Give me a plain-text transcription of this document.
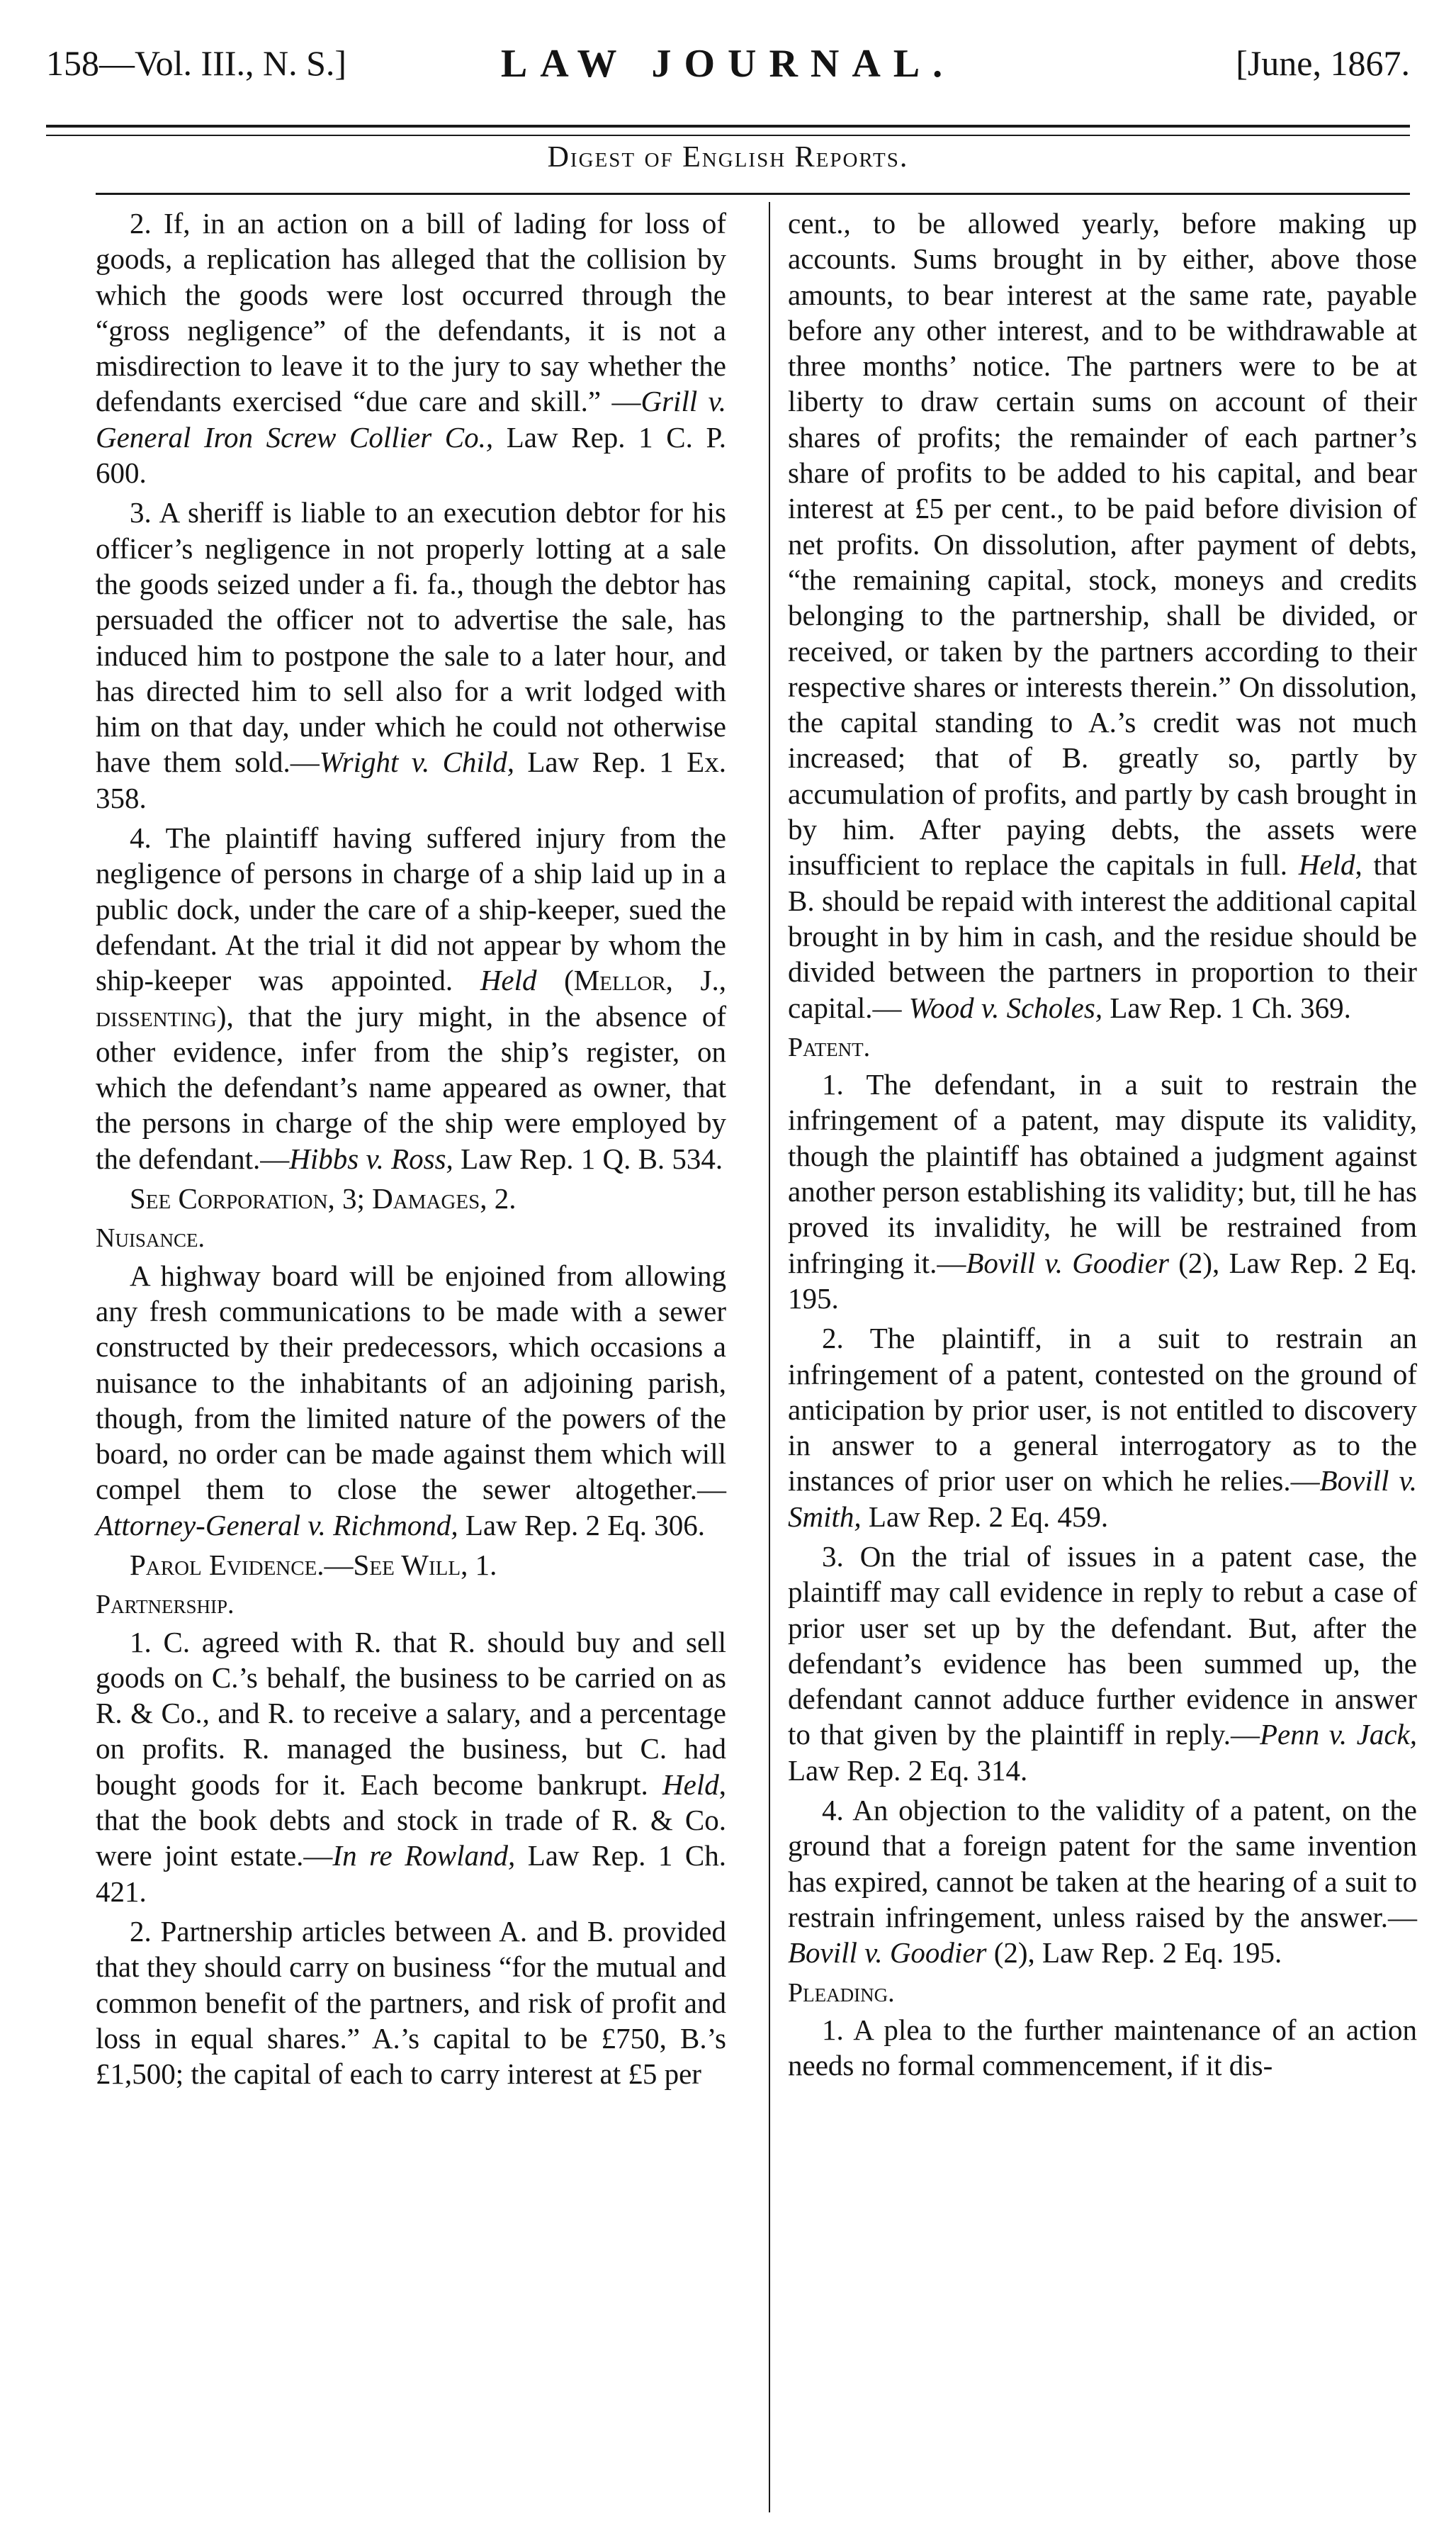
158—Vol. III., N. S.]	LAW JOURNAL.	[June, 1867.
Digest of English Reports.

2. If, in an action on a bill of lading for loss of goods, a replication has alleged that the collision by which the goods were lost occurred through the “gross negligence” of the defendants, it is not a misdirection to leave it to the jury to say whether the defendants exercised “due care and skill.” —Grill v. General Iron Screw Collier Co., Law Rep. 1 C. P. 600.

3. A sheriff is liable to an execution debtor for his officer’s negligence in not properly lotting at a sale the goods seized under a fi. fa., though the debtor has persuaded the officer not to advertise the sale, has induced him to postpone the sale to a later hour, and has directed him to sell also for a writ lodged with him on that day, under which he could not otherwise have them sold.—Wright v. Child, Law Rep. 1 Ex. 358.

4. The plaintiff having suffered injury from the negligence of persons in charge of a ship laid up in a public dock, under the care of a ship-keeper, sued the defendant. At the trial it did not appear by whom the ship-keeper was appointed. Held (Mellor, J., dissenting), that the jury might, in the absence of other evidence, infer from the ship’s register, on which the defendant’s name appeared as owner, that the persons in charge of the ship were employed by the defendant.—Hibbs v. Ross, Law Rep. 1 Q. B. 534.

See Corporation, 3; Damages, 2.

Nuisance.

A highway board will be enjoined from allowing any fresh communications to be made with a sewer constructed by their predecessors, which occasions a nuisance to the inhabitants of an adjoining parish, though, from the limited nature of the powers of the board, no order can be made against them which will compel them to close the sewer altogether.—Attorney-General v. Richmond, Law Rep. 2 Eq. 306.

Parol Evidence.—See Will, 1.

Partnership.

1. C. agreed with R. that R. should buy and sell goods on C.’s behalf, the business to be carried on as R. & Co., and R. to receive a salary, and a percentage on profits. R. managed the business, but C. had bought goods for it. Each become bankrupt. Held, that the book debts and stock in trade of R. & Co. were joint estate.—In re Rowland, Law Rep. 1 Ch. 421.

2. Partnership articles between A. and B. provided that they should carry on business “for the mutual and common benefit of the partners, and risk of profit and loss in equal shares.” A.’s capital to be £750, B.’s £1,500; the capital of each to carry interest at £5 per

cent., to be allowed yearly, before making up accounts. Sums brought in by either, above those amounts, to bear interest at the same rate, payable before any other interest, and to be withdrawable at three months’ notice. The partners were to be at liberty to draw certain sums on account of their shares of profits; the remainder of each partner’s share of profits to be added to his capital, and bear interest at £5 per cent., to be paid before division of net profits. On dissolution, after payment of debts, “the remaining capital, stock, moneys and credits belonging to the partnership, shall be divided, or received, or taken by the partners according to their respective shares or interests therein.” On dissolution, the capital standing to A.’s credit was not much increased; that of B. greatly so, partly by accumulation of profits, and partly by cash brought in by him. After paying debts, the assets were insufficient to replace the capitals in full. Held, that B. should be repaid with interest the additional capital brought in by him in cash, and the residue should be divided between the partners in proportion to their capital.— Wood v. Scholes, Law Rep. 1 Ch. 369.

Patent.

1. The defendant, in a suit to restrain the infringement of a patent, may dispute its validity, though the plaintiff has obtained a judgment against another person establishing its validity; but, till he has proved its invalidity, he will be restrained from infringing it.—Bovill v. Goodier (2), Law Rep. 2 Eq. 195.

2. The plaintiff, in a suit to restrain an infringement of a patent, contested on the ground of anticipation by prior user, is not entitled to discovery in answer to a general interrogatory as to the instances of prior user on which he relies.—Bovill v. Smith, Law Rep. 2 Eq. 459.

3. On the trial of issues in a patent case, the plaintiff may call evidence in reply to rebut a case of prior user set up by the defendant. But, after the defendant’s evidence has been summed up, the defendant cannot adduce further evidence in answer to that given by the plaintiff in reply.—Penn v. Jack, Law Rep. 2 Eq. 314.

4. An objection to the validity of a patent, on the ground that a foreign patent for the same invention has expired, cannot be taken at the hearing of a suit to restrain infringement, unless raised by the answer.—Bovill v. Goodier (2), Law Rep. 2 Eq. 195.

Pleading.

1. A plea to the further maintenance of an action needs no formal commencement, if it dis-
